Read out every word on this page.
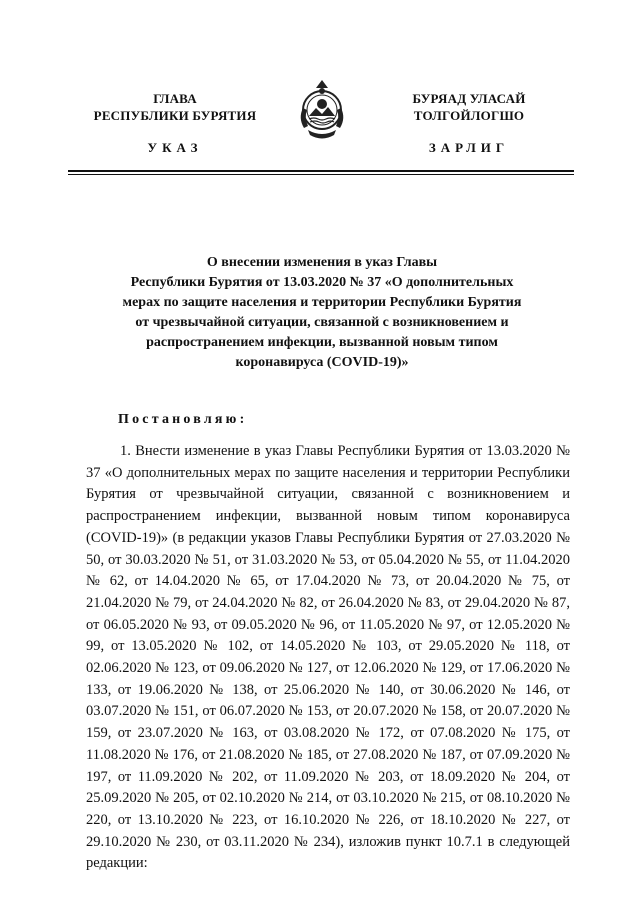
ГЛАВА
РЕСПУБЛИКИ БУРЯТИЯ
БУРЯАД УЛАСАЙ
ТОЛГОЙЛОГШО
УКАЗ	ЗАРЛИГ
О внесении изменения в указ Главы
Республики Бурятия от 13.03.2020 № 37 «О дополнительных
мерах по защите населения и территории Республики Бурятия
от чрезвычайной ситуации, связанной с возникновением и
распространением инфекции, вызванной новым типом
коронавируса (COVID-19)»
Постановляю:

1. Внести изменение в указ Главы Республики Бурятия от 13.03.2020 № 37 «О дополнительных мерах по защите населения и территории Республики Бурятия от чрезвычайной ситуации, связанной с возникновением и распространением инфекции, вызванной новым типом коронавируса (COVID-19)» (в редакции указов Главы Республики Бурятия от 27.03.2020 № 50, от 30.03.2020 № 51, от 31.03.2020 № 53, от 05.04.2020 № 55, от 11.04.2020 № 62, от 14.04.2020 № 65, от 17.04.2020 № 73, от 20.04.2020 № 75, от 21.04.2020 № 79, от 24.04.2020 № 82, от 26.04.2020 № 83, от 29.04.2020 № 87, от 06.05.2020 № 93, от 09.05.2020 № 96, от 11.05.2020 № 97, от 12.05.2020 № 99, от 13.05.2020 № 102, от 14.05.2020 № 103, от 29.05.2020 № 118, от 02.06.2020 № 123, от 09.06.2020 № 127, от 12.06.2020 № 129, от 17.06.2020 № 133, от 19.06.2020 № 138, от 25.06.2020 № 140, от 30.06.2020 № 146, от 03.07.2020 № 151, от 06.07.2020 № 153, от 20.07.2020 № 158, от 20.07.2020 № 159, от 23.07.2020 № 163, от 03.08.2020 № 172, от 07.08.2020 № 175, от 11.08.2020 № 176, от 21.08.2020 № 185, от 27.08.2020 № 187, от 07.09.2020 № 197, от 11.09.2020 № 202, от 11.09.2020 № 203, от 18.09.2020 № 204, от 25.09.2020 № 205, от 02.10.2020 № 214, от 03.10.2020 № 215, от 08.10.2020 № 220, от 13.10.2020 № 223, от 16.10.2020 № 226, от 18.10.2020 № 227, от 29.10.2020 № 230, от 03.11.2020 № 234), изложив пункт 10.7.1 в следующей редакции:
